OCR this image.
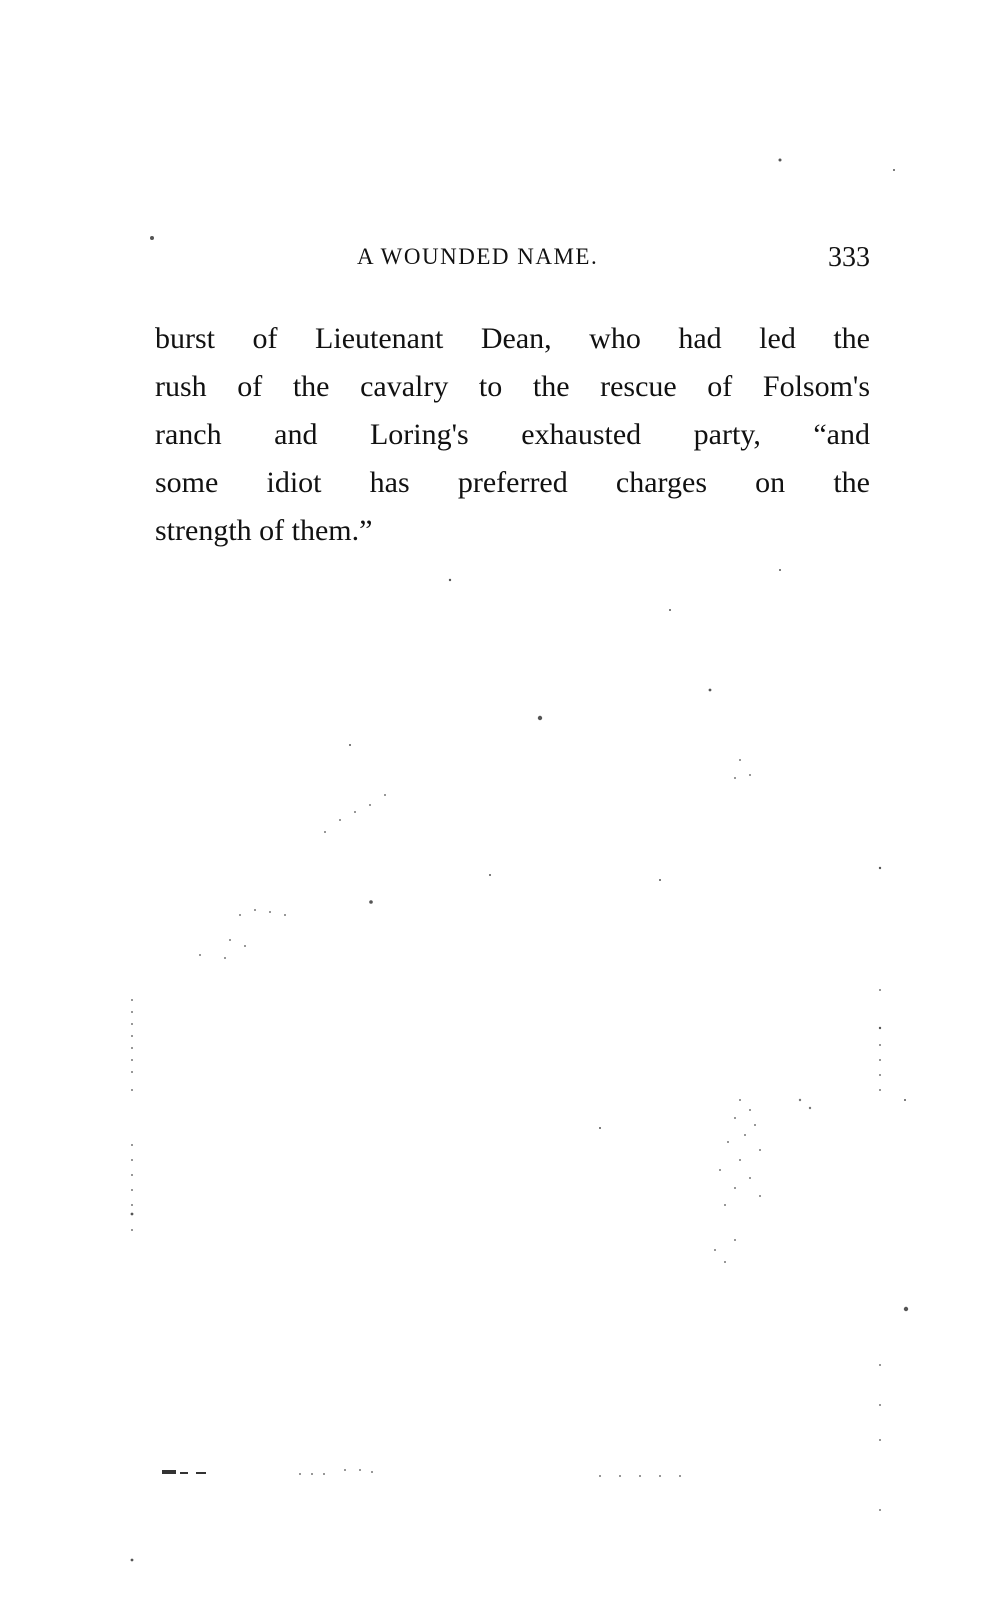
A WOUNDED NAME.	333

burst of Lieutenant Dean, who had led the
rush of the cavalry to the rescue of Folsom's
ranch and Loring's exhausted party, “and
some idiot has preferred charges on the
strength of them.”
